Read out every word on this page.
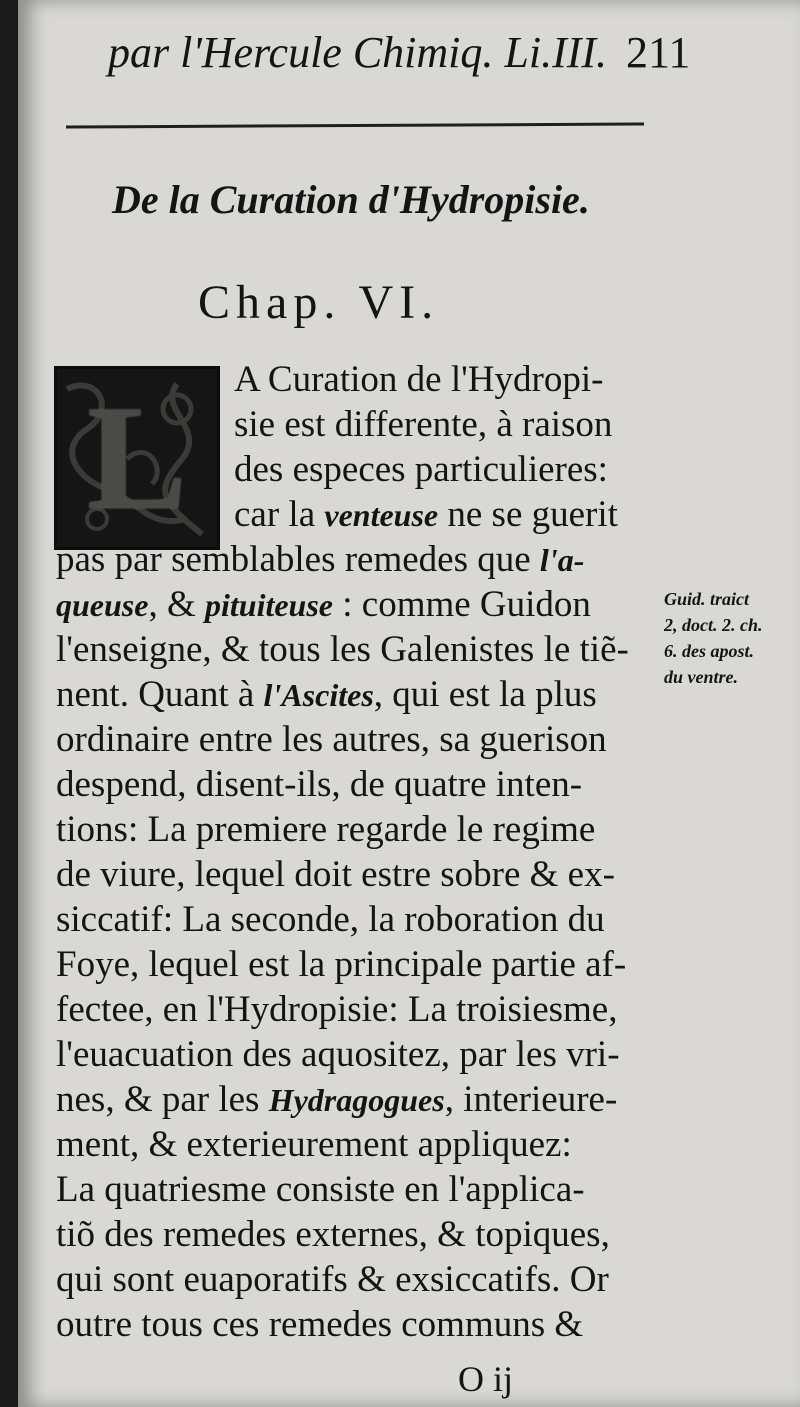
par l'Hercule Chimiq. Li.III. 211
De la Curation d'Hydropisie.
Chap. VI.
L A Curation de l'Hydropi-
sie est differente, à raison
des especes particulieres:
car la venteuse ne se guerit
pas par semblables remedes que l'a-
queuse, & pituiteuse : comme Guidon
l'enseigne, & tous les Galenistes le tiẽ-
nent. Quant à l'Ascites, qui est la plus
ordinaire entre les autres, sa guerison
despend, disent-ils, de quatre inten-
tions: La premiere regarde le regime
de viure, lequel doit estre sobre & ex-
siccatif: La seconde, la roboration du
Foye, lequel est la principale partie af-
fectee, en l'Hydropisie: La troisiesme,
l'euacuation des aquositez, par les vri-
nes, & par les Hydragogues, interieure-
ment, & exterieurement appliquez:
La quatriesme consiste en l'applica-
tiõ des remedes externes, & topiques,
qui sont euaporatifs & exsiccatifs. Or
outre tous ces remedes communs &
Guid. traict
2, doct. 2. ch.
6. des apost.
du ventre.
O ij
